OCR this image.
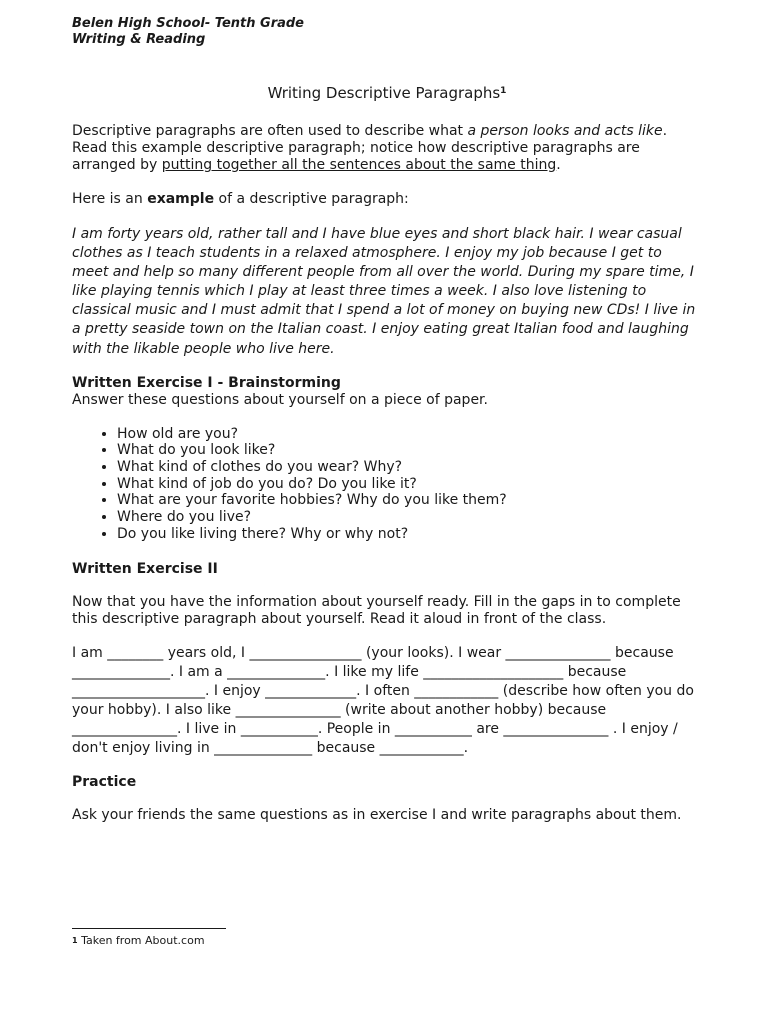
Belen High School- Tenth Grade
Writing & Reading
Writing Descriptive Paragraphs$^1$

Descriptive paragraphs are often used to describe what a person looks and acts like. Read this example descriptive paragraph; notice how descriptive paragraphs are arranged by putting together all the sentences about the same thing.

Here is an example of a descriptive paragraph:

I am forty years old, rather tall and I have blue eyes and short black hair. I wear casual clothes as I teach students in a relaxed atmosphere. I enjoy my job because I get to meet and help so many different people from all over the world. During my spare time, I like playing tennis which I play at least three times a week. I also love listening to classical music and I must admit that I spend a lot of money on buying new CDs! I live in a pretty seaside town on the Italian coast. I enjoy eating great Italian food and laughing with the likable people who live here.

Written Exercise I - Brainstorming

Answer these questions about yourself on a piece of paper.

• How old are you?
• What do you look like?
• What kind of clothes do you wear? Why?
• What kind of job do you do? Do you like it?
• What are your favorite hobbies? Why do you like them?
• Where do you live?
• Do you like living there? Why or why not?
Written Exercise II

Now that you have the information about yourself ready. Fill in the gaps in to complete this descriptive paragraph about yourself. Read it aloud in front of the class.

I am ________ years old, I ________________ (your looks). I wear _______________ because ______________. I am a ______________. I like my life ____________________ because ___________________. I enjoy _____________. I often ____________ (describe how often you do your hobby). I also like _______________ (write about another hobby) because _______________. I live in ___________. People in ___________ are _______________ . I enjoy / don't enjoy living in ______________ because ____________.

Practice

Ask your friends the same questions as in exercise I and write paragraphs about them.

$^1$ Taken from About.com
